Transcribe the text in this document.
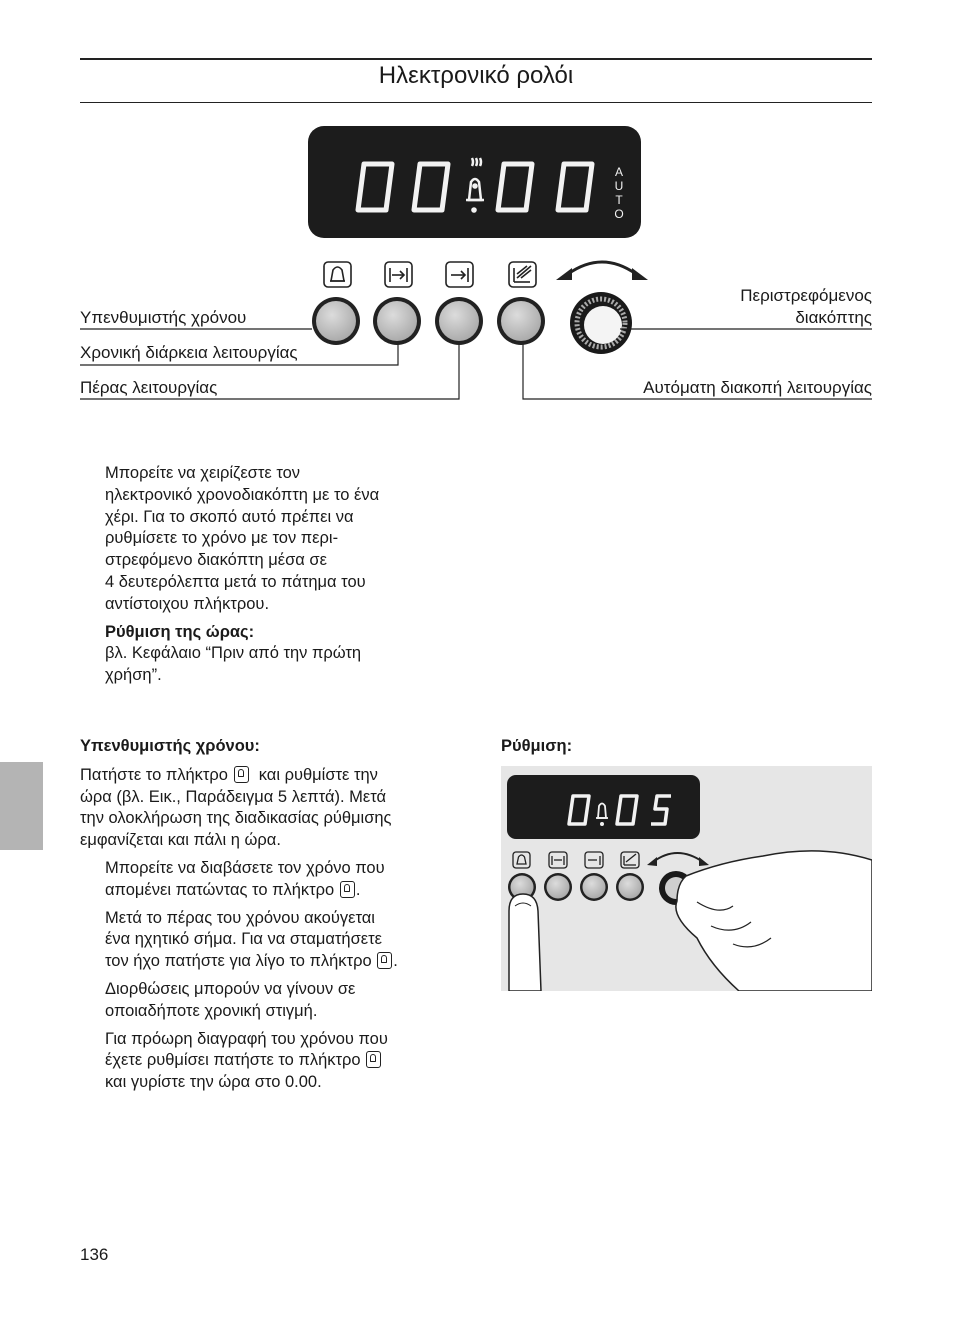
Ηλεκτρονικό ρολόι
A
U
T
O
Υπενθυμιστής χρόνου
Χρονική διάρκεια λειτουργίας
Πέρας λειτουργίας
Περιστρεφόμενος
διακόπτης
Αυτόματη διακοπή λειτουργίας

Μπορείτε να χειρίζεστε τον

ηλεκτρονικό χρονοδιακόπτη με το ένα

χέρι. Για το σκοπό αυτό πρέπει να

ρυθμίσετε το χρόνο με τον περι-

στρεφόμενο διακόπτη μέσα σε

4 δευτερόλεπτα μετά το πάτημα του

αντίστοιχου πλήκτρου.

Ρύθμιση της ώρας:

βλ. Κεφάλαιο “Πριν από την πρώτη

χρήση”.

Υπενθυμιστής χρόνου:

Πατήστε το πλήκτρο και ρυθμίστε την

ώρα (βλ. Εικ., Παράδειγμα 5 λεπτά). Μετά

την ολοκλήρωση της διαδικασίας ρύθμισης

εμφανίζεται και πάλι η ώρα.

Μπορείτε να διαβάσετε τον χρόνο που

απομένει πατώντας το πλήκτρο .

Μετά το πέρας του χρόνου ακούγεται

ένα ηχητικό σήμα. Για να σταματήσετε

τον ήχο πατήστε για λίγο το πλήκτρο .

Διορθώσεις μπορούν να γίνουν σε

οποιαδήποτε χρονική στιγμή.

Για πρόωρη διαγραφή του χρόνου που

έχετε ρυθμίσει πατήστε το πλήκτρο

και γυρίστε την ώρα στο 0.00.

Ρύθμιση:
136
